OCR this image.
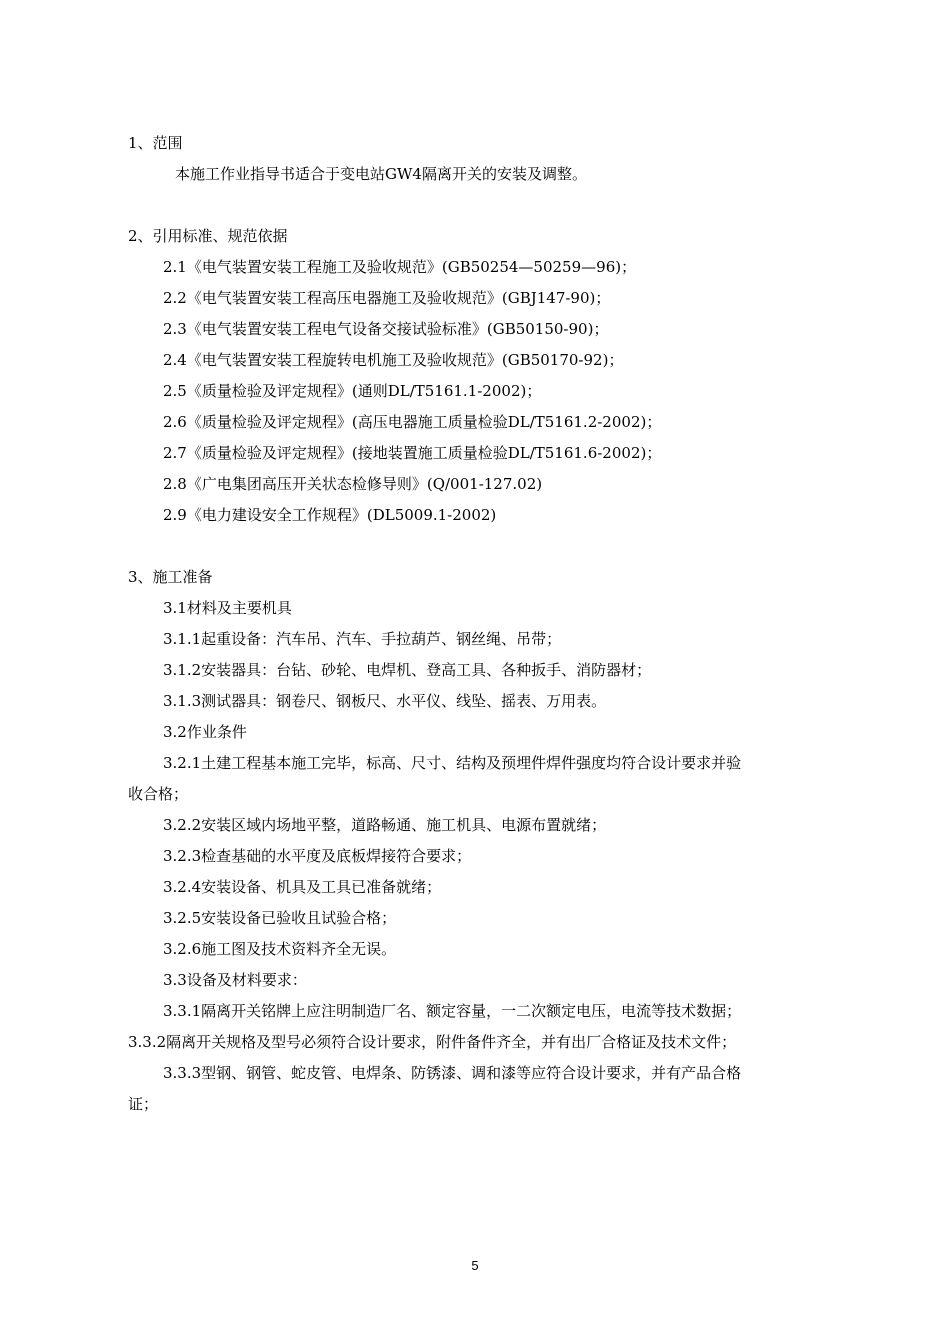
1、范围
本施工作业指导书适合于变电站GW4隔离开关的安装及调整。
2、引用标准、规范依据
2.1《电气装置安装工程施工及验收规范》(GB50254—50259—96)；
2.2《电气装置安装工程高压电器施工及验收规范》(GBJ147-90)；
2.3《电气装置安装工程电气设备交接试验标准》(GB50150-90)；
2.4《电气装置安装工程旋转电机施工及验收规范》(GB50170-92)；
2.5《质量检验及评定规程》(通则DL/T5161.1-2002)；
2.6《质量检验及评定规程》(高压电器施工质量检验DL/T5161.2-2002)；
2.7《质量检验及评定规程》(接地装置施工质量检验DL/T5161.6-2002)；
2.8《广电集团高压开关状态检修导则》(Q/001-127.02)
2.9《电力建设安全工作规程》(DL5009.1-2002)
3、施工准备
3.1材料及主要机具
3.1.1起重设备：汽车吊、汽车、手拉葫芦、钢丝绳、吊带；
3.1.2安装器具：台钻、砂轮、电焊机、登高工具、各种扳手、消防器材；
3.1.3测试器具：钢卷尺、钢板尺、水平仪、线坠、摇表、万用表。
3.2作业条件
3.2.1土建工程基本施工完毕，标高、尺寸、结构及预埋件焊件强度均符合设计要求并验
收合格；
3.2.2安装区域内场地平整，道路畅通、施工机具、电源布置就绪；
3.2.3检查基础的水平度及底板焊接符合要求；
3.2.4安装设备、机具及工具已准备就绪；
3.2.5安装设备已验收且试验合格；
3.2.6施工图及技术资料齐全无误。
3.3设备及材料要求：
3.3.1隔离开关铭牌上应注明制造厂名、额定容量，一二次额定电压，电流等技术数据；
3.3.2隔离开关规格及型号必须符合设计要求，附件备件齐全，并有出厂合格证及技术文件；
3.3.3型钢、钢管、蛇皮管、电焊条、防锈漆、调和漆等应符合设计要求，并有产品合格
证；
5
